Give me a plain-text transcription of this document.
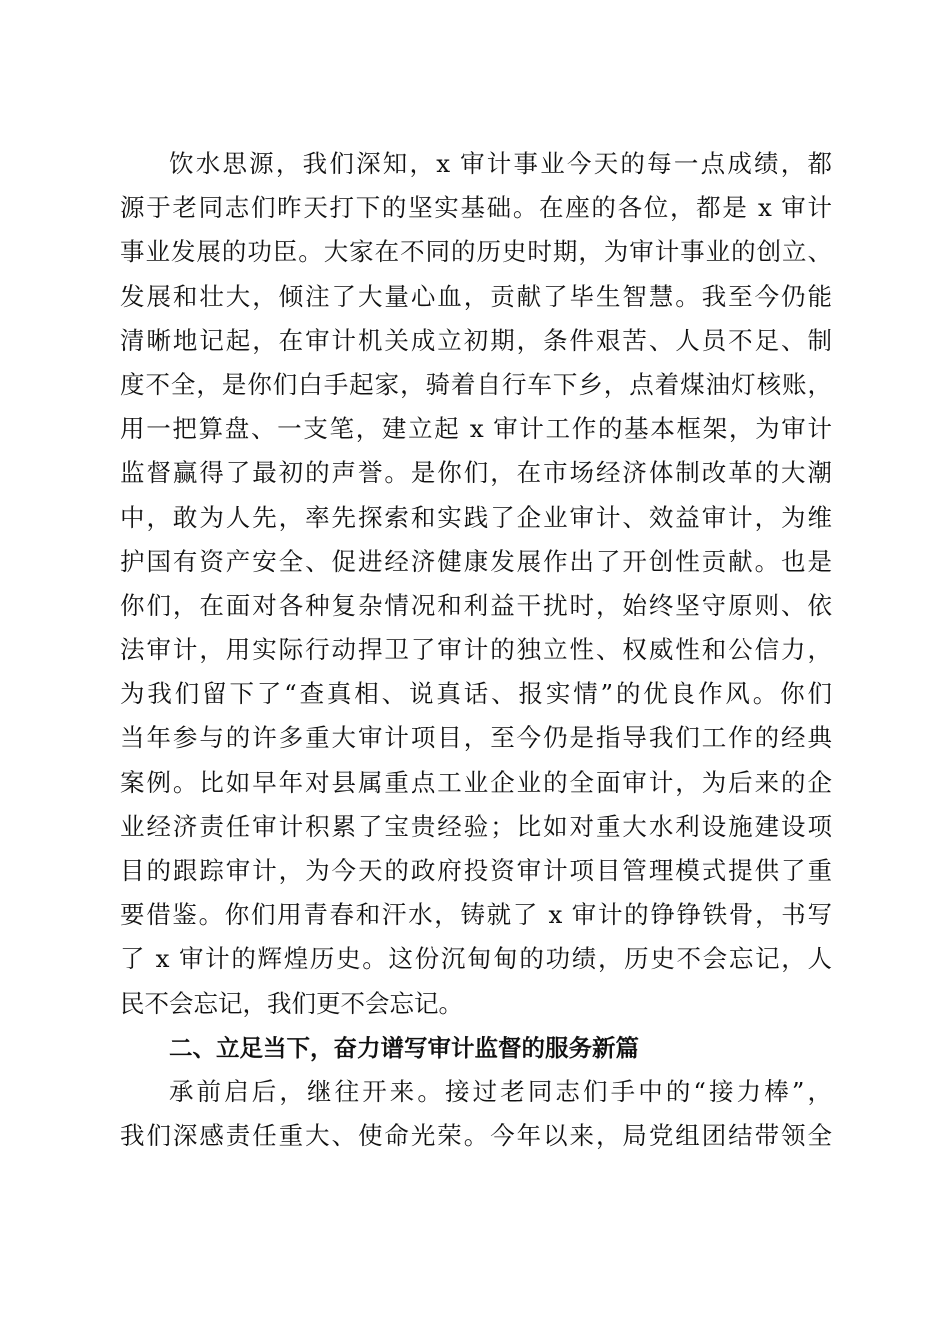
饮水思源，我们深知，x 审计事业今天的每一点成绩，都
源于老同志们昨天打下的坚实基础。在座的各位，都是 x 审计
事业发展的功臣。大家在不同的历史时期，为审计事业的创立、
发展和壮大，倾注了大量心血，贡献了毕生智慧。我至今仍能
清晰地记起，在审计机关成立初期，条件艰苦、人员不足、制
度不全，是你们白手起家，骑着自行车下乡，点着煤油灯核账，
用一把算盘、一支笔，建立起 x 审计工作的基本框架，为审计
监督赢得了最初的声誉。是你们，在市场经济体制改革的大潮
中，敢为人先，率先探索和实践了企业审计、效益审计，为维
护国有资产安全、促进经济健康发展作出了开创性贡献。也是
你们，在面对各种复杂情况和利益干扰时，始终坚守原则、依
法审计，用实际行动捍卫了审计的独立性、权威性和公信力，
为我们留下了“查真相、说真话、报实情”的优良作风。你们
当年参与的许多重大审计项目，至今仍是指导我们工作的经典
案例。比如早年对县属重点工业企业的全面审计，为后来的企
业经济责任审计积累了宝贵经验；比如对重大水利设施建设项
目的跟踪审计，为今天的政府投资审计项目管理模式提供了重
要借鉴。你们用青春和汗水，铸就了 x 审计的铮铮铁骨，书写
了 x 审计的辉煌历史。这份沉甸甸的功绩，历史不会忘记，人
民不会忘记，我们更不会忘记。
二、立足当下，奋力谱写审计监督的服务新篇
承前启后，继往开来。接过老同志们手中的“接力棒”，
我们深感责任重大、使命光荣。今年以来，局党组团结带领全
